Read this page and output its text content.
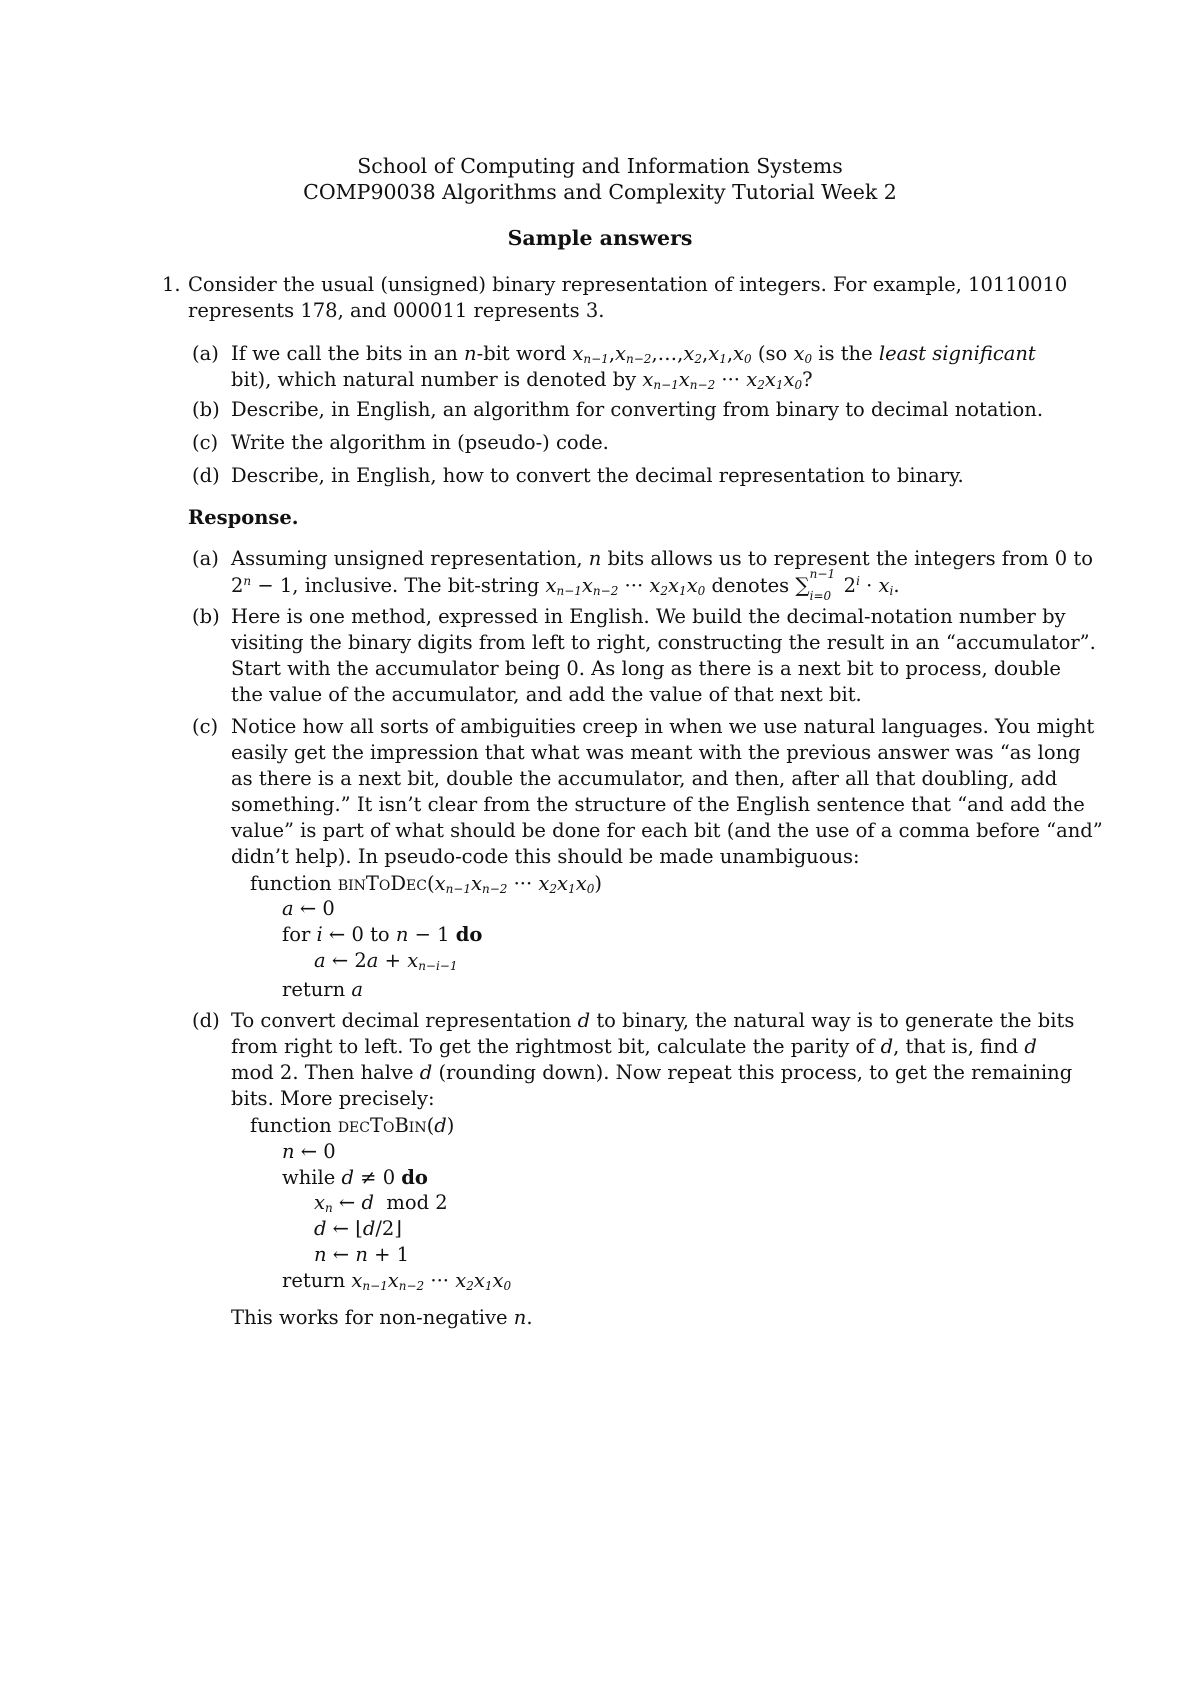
School of Computing and Information Systems
COMP90038 Algorithms and Complexity Tutorial Week 2
Sample answers
1. Consider the usual (unsigned) binary representation of integers. For example, 10110010
represents 178, and 000011 represents 3.
(a) If we call the bits in an n-bit word $x_{n-1},x_{n-2},\dots,x_2,x_1,x_0$ (so $x_0$ is the least significant
bit), which natural number is denoted by $x_{n-1}x_{n-2}$ ··· $x_2x_1x_0$?
(b) Describe, in English, an algorithm for converting from binary to decimal notation.
(c) Write the algorithm in (pseudo-) code.
(d) Describe, in English, how to convert the decimal representation to binary.
Response.
(a) Assuming unsigned representation, n bits allows us to represent the integers from 0 to
$2^n - 1$, inclusive. The bit-string $x_{n-1}x_{n-2}$ ··· $x_2x_1x_0$ denotes ∑ n−1
i=0 $2^i \cdot x_i$.
(b) Here is one method, expressed in English. We build the decimal-notation number by
visiting the binary digits from left to right, constructing the result in an “accumulator”.
Start with the accumulator being 0. As long as there is a next bit to process, double
the value of the accumulator, and add the value of that next bit.
(c) Notice how all sorts of ambiguities creep in when we use natural languages. You might
easily get the impression that what was meant with the previous answer was “as long
as there is a next bit, double the accumulator, and then, after all that doubling, add
something.” It isn’t clear from the structure of the English sentence that “and add the
value” is part of what should be done for each bit (and the use of a comma before “and”
didn’t help). In pseudo-code this should be made unambiguous:
function $binToDec(x_{n-1}x_{n-2}$ ··· $x_2x_1x_0$)
a ← 0
for i ← 0 to n − 1 do
a ← $2a + x_{n-i-1}$
return a
(d) To convert decimal representation d to binary, the natural way is to generate the bits
from right to left. To get the rightmost bit, calculate the parity of d, that is, find d
mod 2. Then halve d (rounding down). Now repeat this process, to get the remaining
bits. More precisely:
function decToBin(d)
n ← 0
while d ≠ 0 do
$x_n$ ← d  mod 2
d ← ⌊d/2⌋
n ← n + 1
return $x_{n-1}x_{n-2}$ ··· $x_2x_1x_0$
This works for non-negative n.
